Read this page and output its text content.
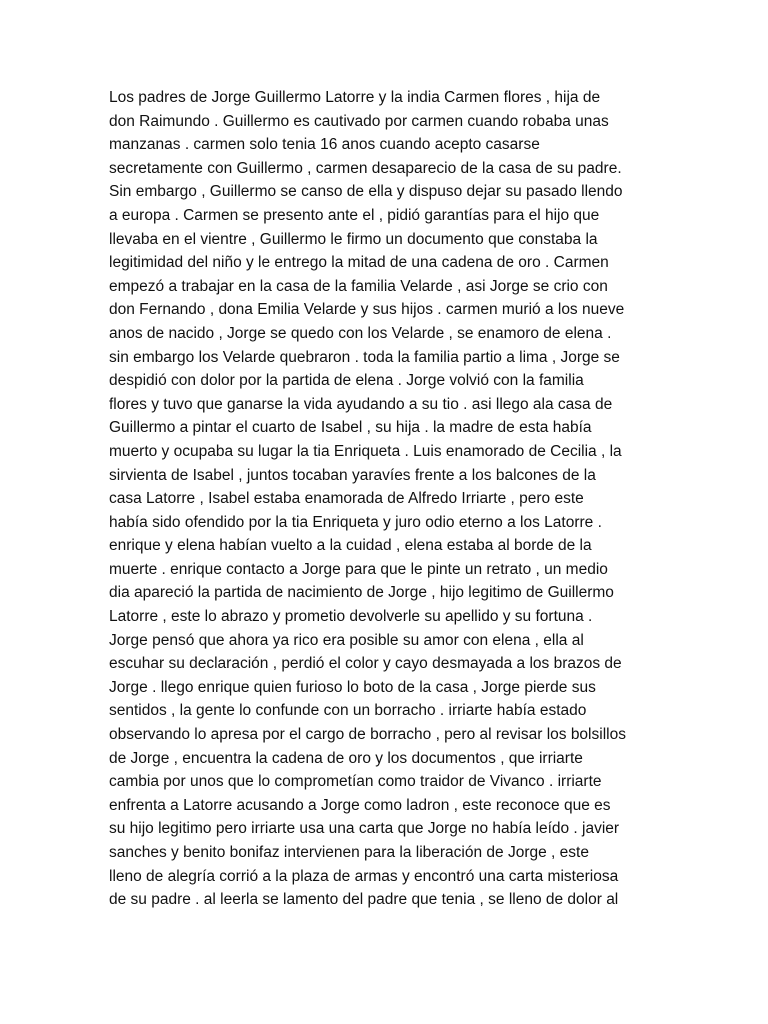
Los padres de Jorge Guillermo Latorre y la india Carmen flores , hija de
don Raimundo . Guillermo es cautivado por carmen cuando robaba unas
manzanas . carmen solo tenia 16 anos cuando acepto casarse
secretamente con Guillermo , carmen desaparecio de la casa de su padre.
Sin embargo , Guillermo se canso de ella y dispuso dejar su pasado llendo
a europa . Carmen se presento ante el , pidió garantías para el hijo que
llevaba en el vientre , Guillermo le firmo un documento que constaba la
legitimidad del niño y le entrego la mitad de una cadena de oro . Carmen
empezó a trabajar en la casa de la familia Velarde , asi Jorge se crio con
don Fernando , dona Emilia Velarde y sus hijos . carmen murió a los nueve
anos de nacido , Jorge se quedo con los Velarde , se enamoro de elena .
sin embargo los Velarde quebraron . toda la familia partio a lima , Jorge se
despidió con dolor por la partida de elena . Jorge volvió con la familia
flores y tuvo que ganarse la vida ayudando a su tio . asi llego ala casa de
Guillermo a pintar el cuarto de Isabel , su hija . la madre de esta había
muerto y ocupaba su lugar la tia Enriqueta . Luis enamorado de Cecilia , la
sirvienta de Isabel , juntos tocaban yaravíes frente a los balcones de la
casa Latorre , Isabel estaba enamorada de Alfredo Irriarte , pero este
había sido ofendido por la tia Enriqueta y juro odio eterno a los Latorre .
enrique y elena habían vuelto a la cuidad , elena estaba al borde de la
muerte . enrique contacto a Jorge para que le pinte un retrato , un medio
dia apareció la partida de nacimiento de Jorge , hijo legitimo de Guillermo
Latorre , este lo abrazo y prometio devolverle su apellido y su fortuna .
Jorge pensó que ahora ya rico era posible su amor con elena , ella al
escuhar su declaración , perdió el color y cayo desmayada a los brazos de
Jorge . llego enrique quien furioso lo boto de la casa , Jorge pierde sus
sentidos , la gente lo confunde con un borracho . irriarte había estado
observando lo apresa por el cargo de borracho , pero al revisar los bolsillos
de Jorge , encuentra la cadena de oro y los documentos , que irriarte
cambia por unos que lo comprometían como traidor de Vivanco . irriarte
enfrenta a Latorre acusando a Jorge como ladron , este reconoce que es
su hijo legitimo pero irriarte usa una carta que Jorge no había leído . javier
sanches y benito bonifaz intervienen para la liberación de Jorge , este
lleno de alegría corrió a la plaza de armas y encontró una carta misteriosa
de su padre . al leerla se lamento del padre que tenia , se lleno de dolor al
